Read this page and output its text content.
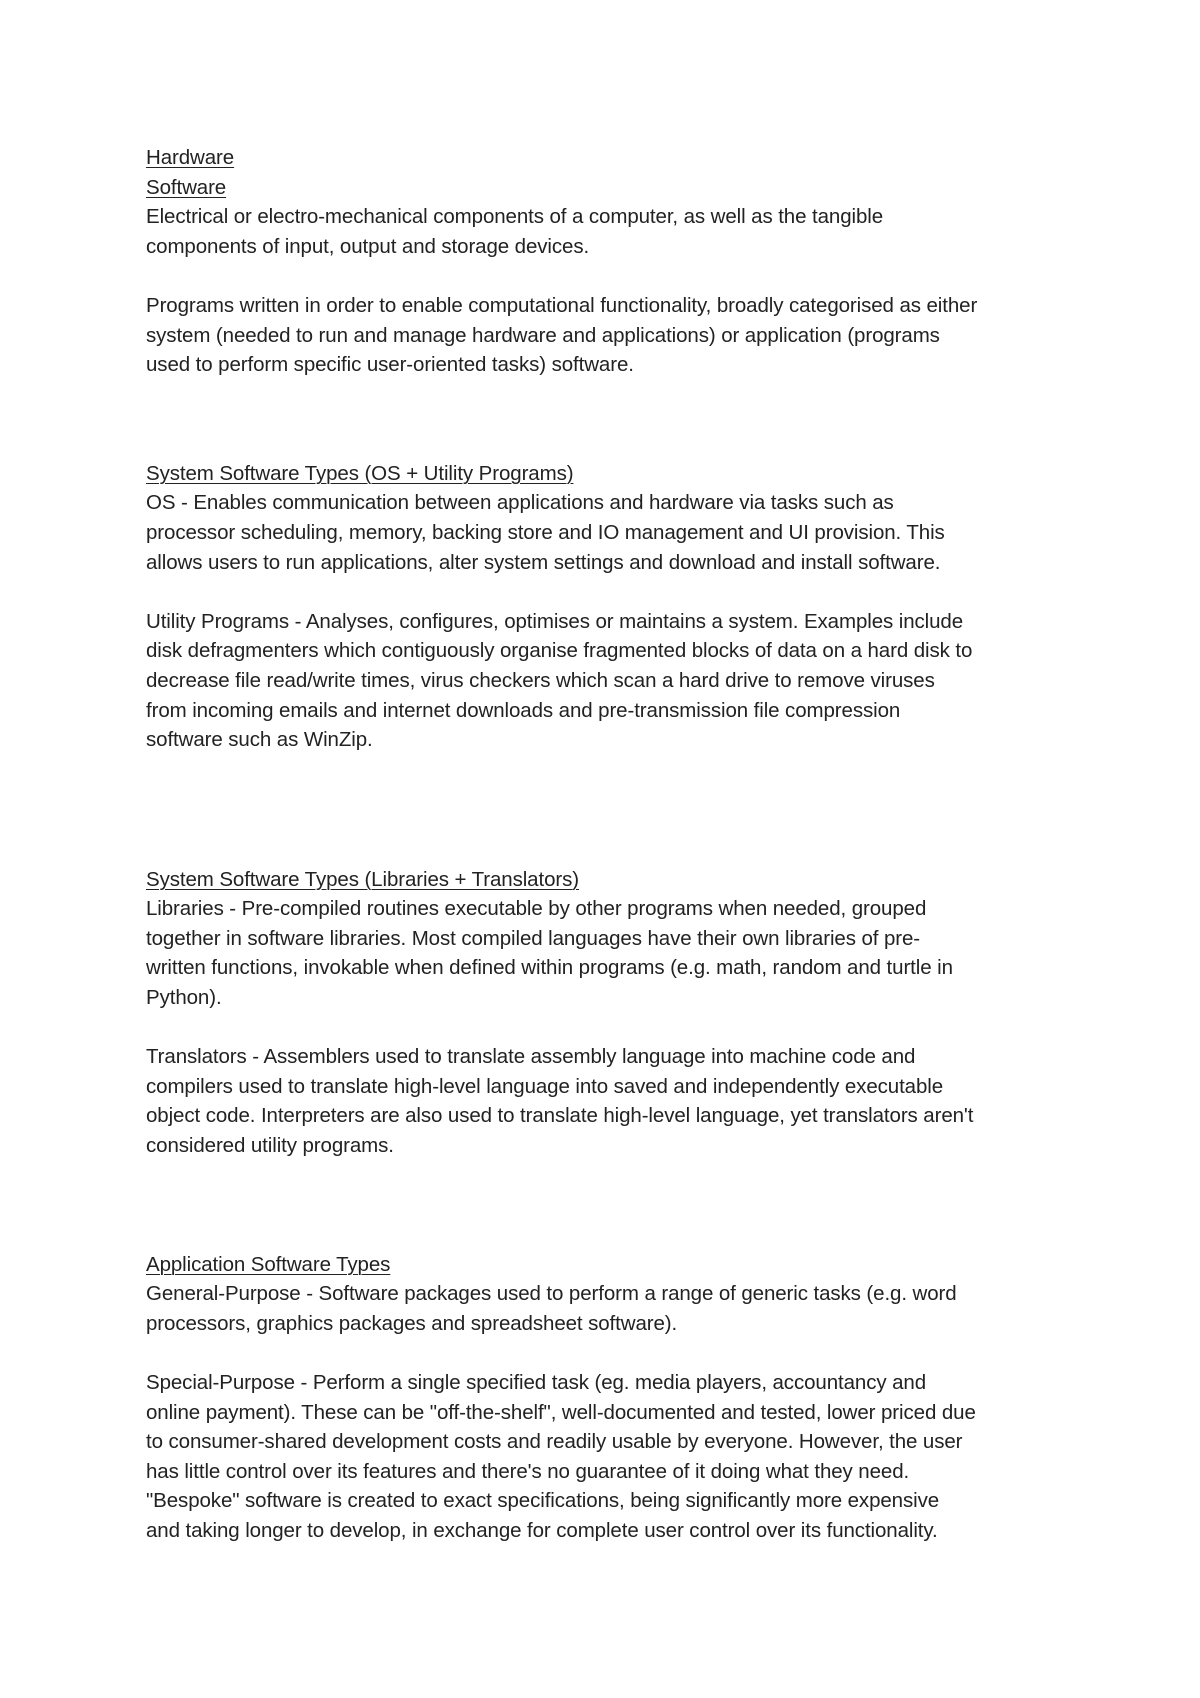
Hardware
Software
Electrical or electro-mechanical components of a computer, as well as the tangible
components of input, output and storage devices.
Programs written in order to enable computational functionality, broadly categorised as either
system (needed to run and manage hardware and applications) or application (programs
used to perform specific user-oriented tasks) software.
System Software Types (OS + Utility Programs)
OS - Enables communication between applications and hardware via tasks such as
processor scheduling, memory, backing store and IO management and UI provision. This
allows users to run applications, alter system settings and download and install software.
Utility Programs - Analyses, configures, optimises or maintains a system. Examples include
disk defragmenters which contiguously organise fragmented blocks of data on a hard disk to
decrease file read/write times, virus checkers which scan a hard drive to remove viruses
from incoming emails and internet downloads and pre-transmission file compression
software such as WinZip.
System Software Types (Libraries + Translators)
Libraries - Pre-compiled routines executable by other programs when needed, grouped
together in software libraries. Most compiled languages have their own libraries of pre-
written functions, invokable when defined within programs (e.g. math, random and turtle in
Python).
Translators - Assemblers used to translate assembly language into machine code and
compilers used to translate high-level language into saved and independently executable
object code. Interpreters are also used to translate high-level language, yet translators aren't
considered utility programs.
Application Software Types
General-Purpose - Software packages used to perform a range of generic tasks (e.g. word
processors, graphics packages and spreadsheet software).
Special-Purpose - Perform a single specified task (eg. media players, accountancy and
online payment). These can be "off-the-shelf", well-documented and tested, lower priced due
to consumer-shared development costs and readily usable by everyone. However, the user
has little control over its features and there's no guarantee of it doing what they need.
"Bespoke" software is created to exact specifications, being significantly more expensive
and taking longer to develop, in exchange for complete user control over its functionality.
